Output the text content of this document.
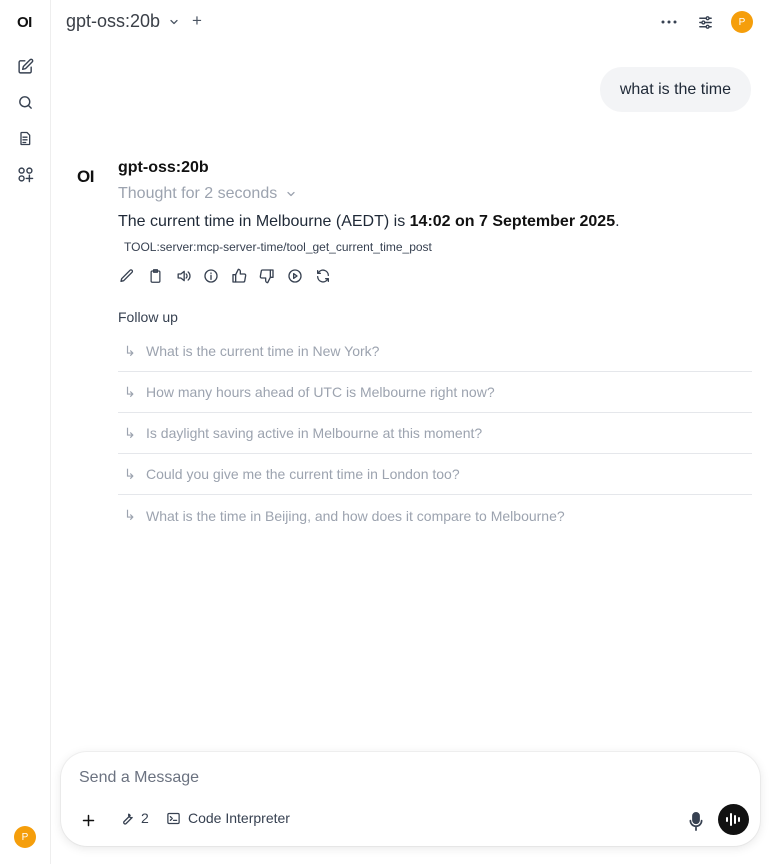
OI
P
gpt-oss:20b +	P
what is the time
OI gpt-oss:20b
Thought for 2 seconds
The current time in Melbourne (AEDT) is 14:02 on 7 September 2025.
TOOL:server:mcp-server-time/tool_get_current_time_post
Follow up
↳ What is the current time in New York?
↳ How many hours ahead of UTC is Melbourne right now?
↳ Is daylight saving active in Melbourne at this moment?
↳ Could you give me the current time in London too?
↳ What is the time in Beijing, and how does it compare to Melbourne?
Send a Message
2	Code Interpreter
